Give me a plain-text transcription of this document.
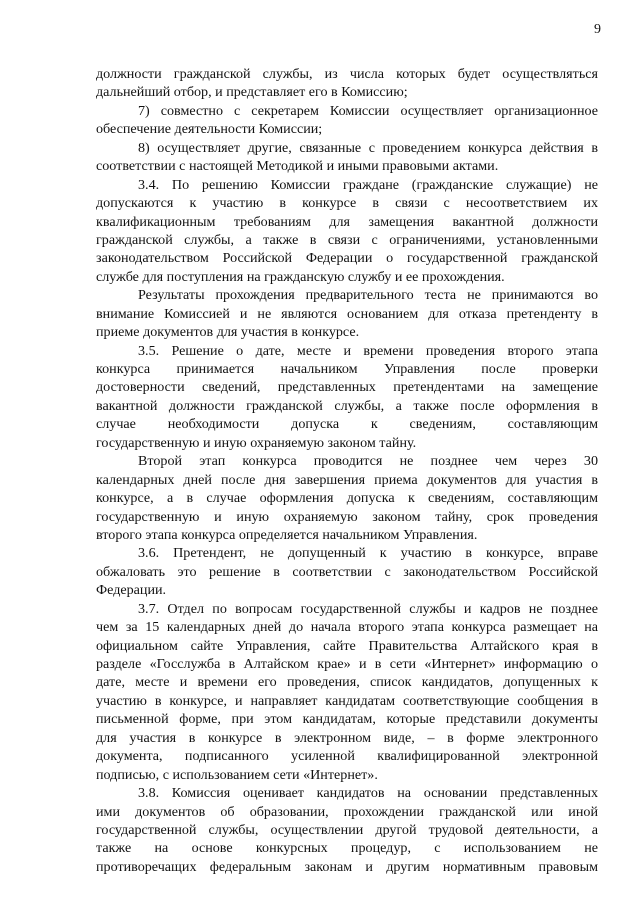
9
должности гражданской службы, из числа которых будет осуществляться
дальнейший отбор, и представляет его в Комиссию;
7) совместно с секретарем Комиссии осуществляет организационное
обеспечение деятельности Комиссии;
8) осуществляет другие, связанные с проведением конкурса действия в
соответствии с настоящей Методикой и иными правовыми актами.
3.4. По решению Комиссии граждане (гражданские служащие) не
допускаются к участию в конкурсе в связи с несоответствием их
квалификационным требованиям для замещения вакантной должности
гражданской службы, а также в связи с ограничениями, установленными
законодательством Российской Федерации о государственной гражданской
службе для поступления на гражданскую службу и ее прохождения.
Результаты прохождения предварительного теста не принимаются во
внимание Комиссией и не являются основанием для отказа претенденту в
приеме документов для участия в конкурсе.
3.5. Решение о дате, месте и времени проведения второго этапа
конкурса принимается начальником Управления после проверки
достоверности сведений, представленных претендентами на замещение
вакантной должности гражданской службы, а также после оформления в
случае необходимости допуска к сведениям, составляющим
государственную и иную охраняемую законом тайну.
Второй этап конкурса проводится не позднее чем через 30
календарных дней после дня завершения приема документов для участия в
конкурсе, а в случае оформления допуска к сведениям, составляющим
государственную и иную охраняемую законом тайну, срок проведения
второго этапа конкурса определяется начальником Управления.
3.6. Претендент, не допущенный к участию в конкурсе, вправе
обжаловать это решение в соответствии с законодательством Российской
Федерации.
3.7. Отдел по вопросам государственной службы и кадров не позднее
чем за 15 календарных дней до начала второго этапа конкурса размещает на
официальном сайте Управления, сайте Правительства Алтайского края в
разделе «Госслужба в Алтайском крае» и в сети «Интернет» информацию о
дате, месте и времени его проведения, список кандидатов, допущенных к
участию в конкурсе, и направляет кандидатам соответствующие сообщения в
письменной форме, при этом кандидатам, которые представили документы
для участия в конкурсе в электронном виде, – в форме электронного
документа, подписанного усиленной квалифицированной электронной
подписью, с использованием сети «Интернет».
3.8. Комиссия оценивает кандидатов на основании представленных
ими документов об образовании, прохождении гражданской или иной
государственной службы, осуществлении другой трудовой деятельности, а
также на основе конкурсных процедур, с использованием не
противоречащих федеральным законам и другим нормативным правовым
